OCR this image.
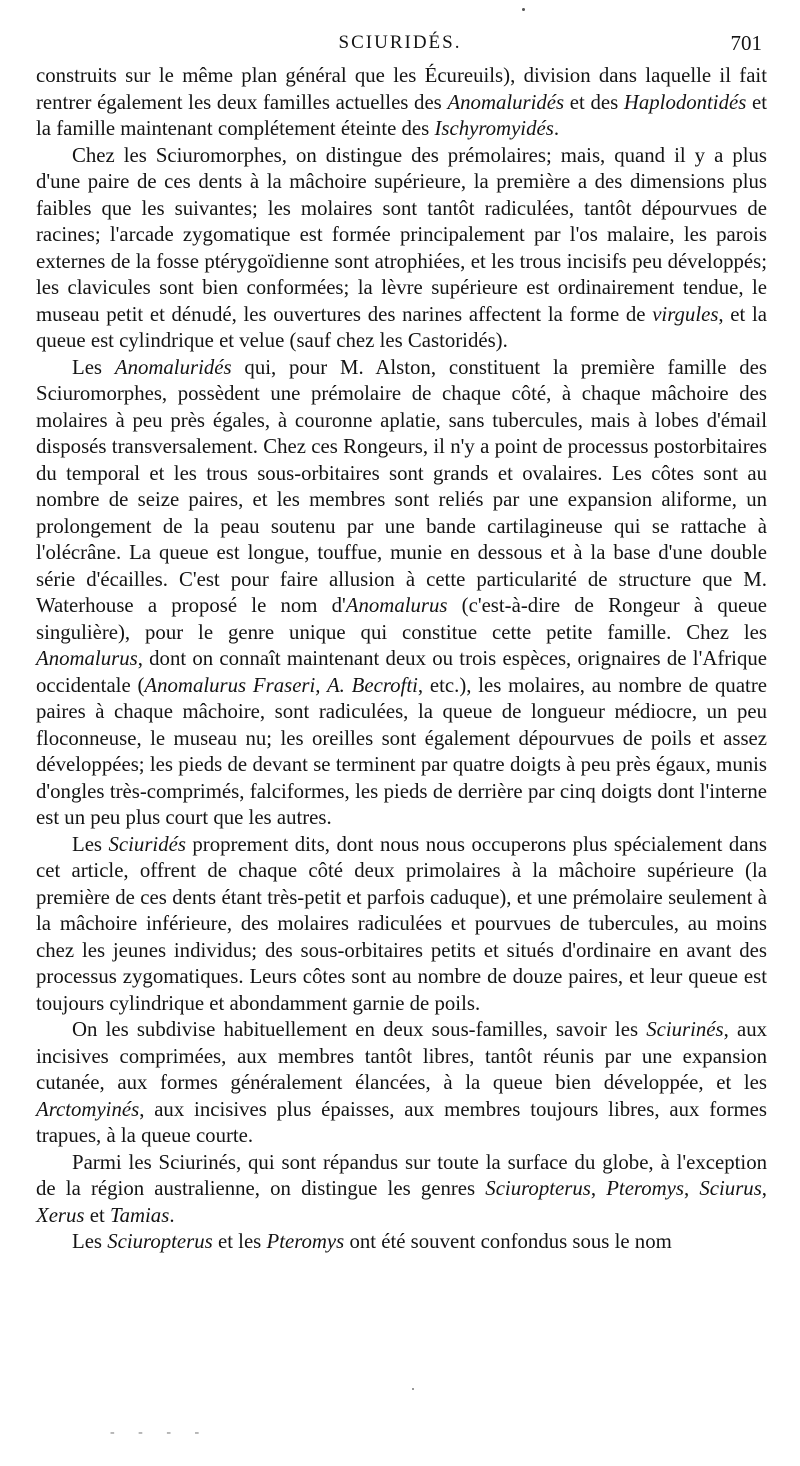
SCIURIDÉS.	701

construits sur le même plan général que les Écureuils), division dans laquelle il fait rentrer également les deux familles actuelles des Anomaluridés et des Haplodontidés et la famille maintenant complétement éteinte des Ischyromyidés.

Chez les Sciuromorphes, on distingue des prémolaires; mais, quand il y a plus d'une paire de ces dents à la mâchoire supérieure, la première a des dimensions plus faibles que les suivantes; les molaires sont tantôt radiculées, tantôt dépourvues de racines; l'arcade zygomatique est formée principalement par l'os malaire, les parois externes de la fosse ptérygoïdienne sont atrophiées, et les trous incisifs peu développés; les clavicules sont bien conformées; la lèvre supérieure est ordinairement tendue, le museau petit et dénudé, les ouvertures des narines affectent la forme de virgules, et la queue est cylindrique et velue (sauf chez les Castoridés).

Les Anomaluridés qui, pour M. Alston, constituent la première famille des Sciuromorphes, possèdent une prémolaire de chaque côté, à chaque mâchoire des molaires à peu près égales, à couronne aplatie, sans tubercules, mais à lobes d'émail disposés transversalement. Chez ces Rongeurs, il n'y a point de processus postorbitaires du temporal et les trous sous-orbitaires sont grands et ovalaires. Les côtes sont au nombre de seize paires, et les membres sont reliés par une expansion aliforme, un prolongement de la peau soutenu par une bande cartilagineuse qui se rattache à l'olécrâne. La queue est longue, touffue, munie en dessous et à la base d'une double série d'écailles. C'est pour faire allusion à cette particularité de structure que M. Waterhouse a proposé le nom d'Anomalurus (c'est-à-dire de Rongeur à queue singulière), pour le genre unique qui constitue cette petite famille. Chez les Anomalurus, dont on connaît maintenant deux ou trois espèces, orignaires de l'Afrique occidentale (Anomalurus Fraseri, A. Becrofti, etc.), les molaires, au nombre de quatre paires à chaque mâchoire, sont radiculées, la queue de longueur médiocre, un peu floconneuse, le museau nu; les oreilles sont également dépourvues de poils et assez développées; les pieds de devant se terminent par quatre doigts à peu près égaux, munis d'ongles très-comprimés, falciformes, les pieds de derrière par cinq doigts dont l'interne est un peu plus court que les autres.

Les Sciuridés proprement dits, dont nous nous occuperons plus spécialement dans cet article, offrent de chaque côté deux primolaires à la mâchoire supérieure (la première de ces dents étant très-petit et parfois caduque), et une prémolaire seulement à la mâchoire inférieure, des molaires radiculées et pourvues de tubercules, au moins chez les jeunes individus; des sous-orbitaires petits et situés d'ordinaire en avant des processus zygomatiques. Leurs côtes sont au nombre de douze paires, et leur queue est toujours cylindrique et abondamment garnie de poils.

On les subdivise habituellement en deux sous-familles, savoir les Sciurinés, aux incisives comprimées, aux membres tantôt libres, tantôt réunis par une expansion cutanée, aux formes généralement élancées, à la queue bien développée, et les Arctomyinés, aux incisives plus épaisses, aux membres toujours libres, aux formes trapues, à la queue courte.

Parmi les Sciurinés, qui sont répandus sur toute la surface du globe, à l'exception de la région australienne, on distingue les genres Sciuropterus, Pteromys, Sciurus, Xerus et Tamias.

Les Sciuropterus et les Pteromys ont été souvent confondus sous le nom

- - - -
